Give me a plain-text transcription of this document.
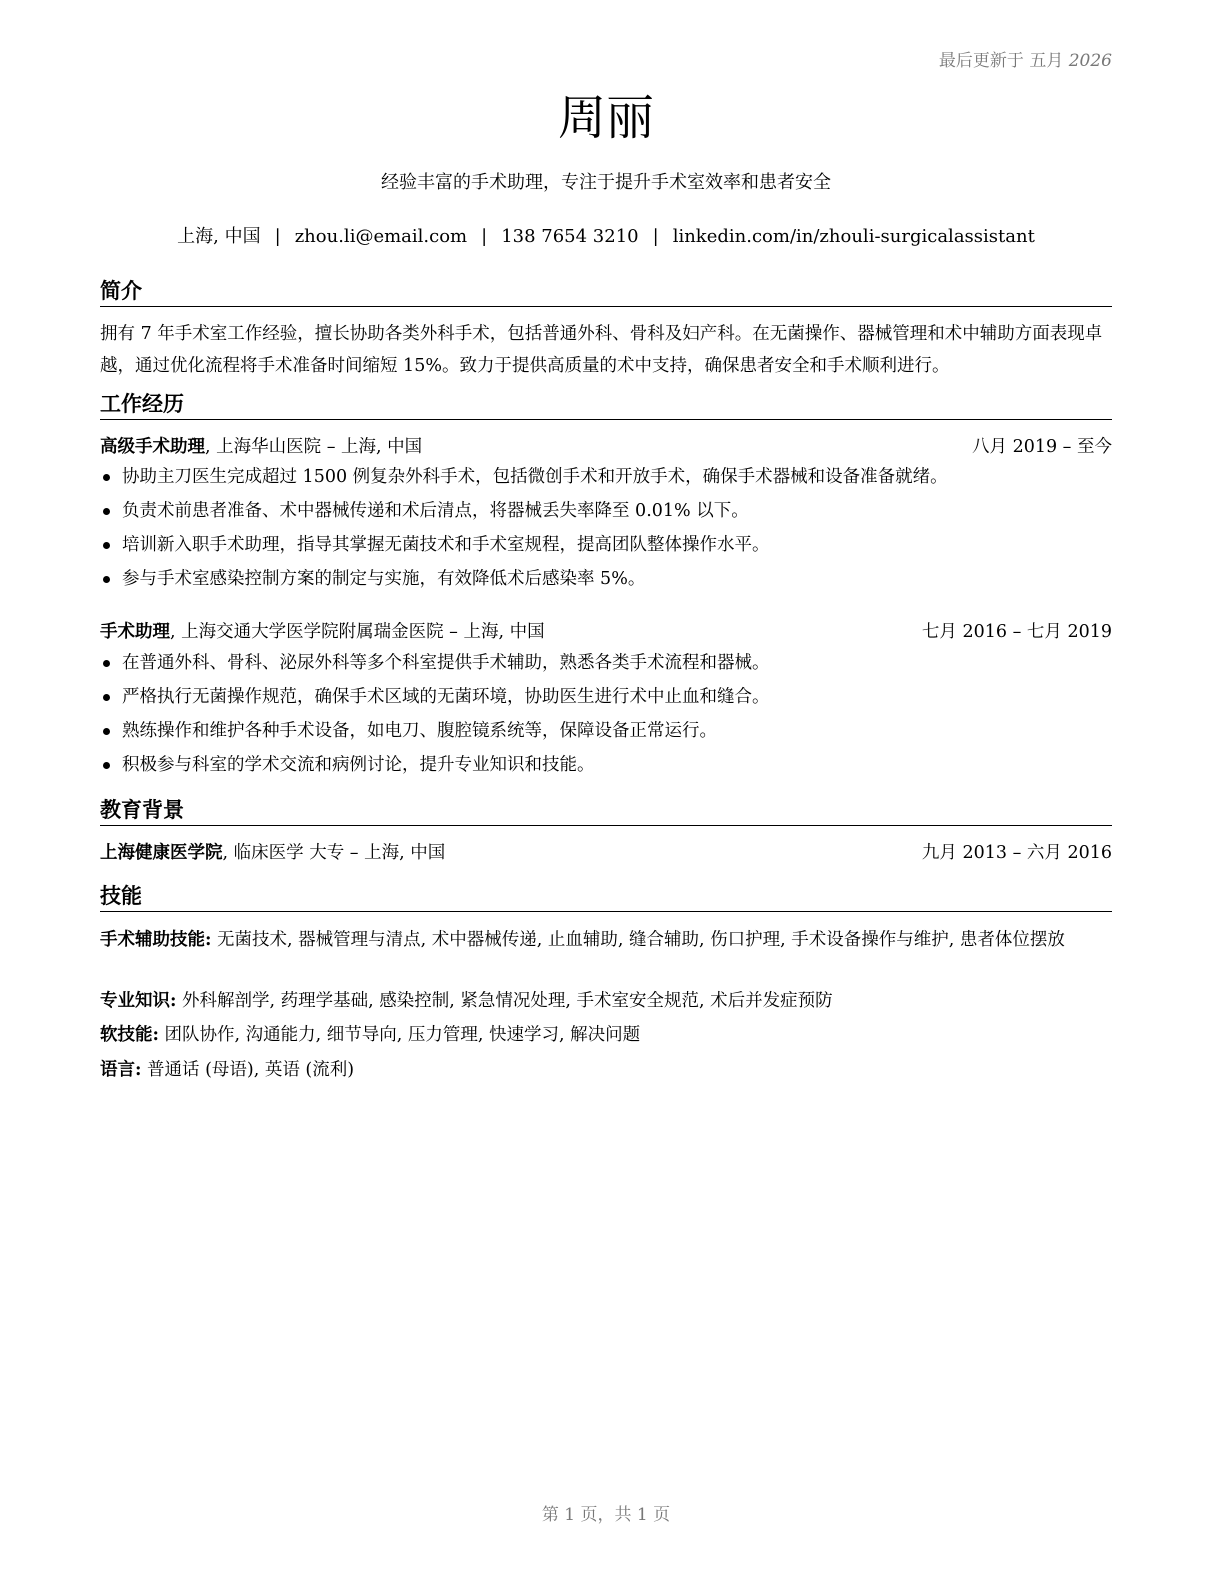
最后更新于 五月 2026
周丽
经验丰富的手术助理，专注于提升手术室效率和患者安全
上海, 中国 | zhou.li@email.com | 138 7654 3210 | linkedin.com/in/zhouli-surgicalassistant
简介
拥有 7 年手术室工作经验，擅长协助各类外科手术，包括普通外科、骨科及妇产科。在无菌操作、器械管理和术中辅助方面表现卓越，通过优化流程将手术准备时间缩短 15%。致力于提供高质量的术中支持，确保患者安全和手术顺利进行。
工作经历
高级手术助理, 上海华山医院 – 上海, 中国	八月 2019 – 至今
协助主刀医生完成超过 1500 例复杂外科手术，包括微创手术和开放手术，确保手术器械和设备准备就绪。
负责术前患者准备、术中器械传递和术后清点，将器械丢失率降至 0.01% 以下。
培训新入职手术助理，指导其掌握无菌技术和手术室规程，提高团队整体操作水平。
参与手术室感染控制方案的制定与实施，有效降低术后感染率 5%。
手术助理, 上海交通大学医学院附属瑞金医院 – 上海, 中国	七月 2016 – 七月 2019
在普通外科、骨科、泌尿外科等多个科室提供手术辅助，熟悉各类手术流程和器械。
严格执行无菌操作规范，确保手术区域的无菌环境，协助医生进行术中止血和缝合。
熟练操作和维护各种手术设备，如电刀、腹腔镜系统等，保障设备正常运行。
积极参与科室的学术交流和病例讨论，提升专业知识和技能。
教育背景
上海健康医学院, 临床医学 大专 – 上海, 中国	九月 2013 – 六月 2016
技能
手术辅助技能: 无菌技术, 器械管理与清点, 术中器械传递, 止血辅助, 缝合辅助, 伤口护理, 手术设备操作与维护, 患者体位摆放
专业知识: 外科解剖学, 药理学基础, 感染控制, 紧急情况处理, 手术室安全规范, 术后并发症预防
软技能: 团队协作, 沟通能力, 细节导向, 压力管理, 快速学习, 解决问题
语言: 普通话 (母语), 英语 (流利)
第 1 页，共 1 页
